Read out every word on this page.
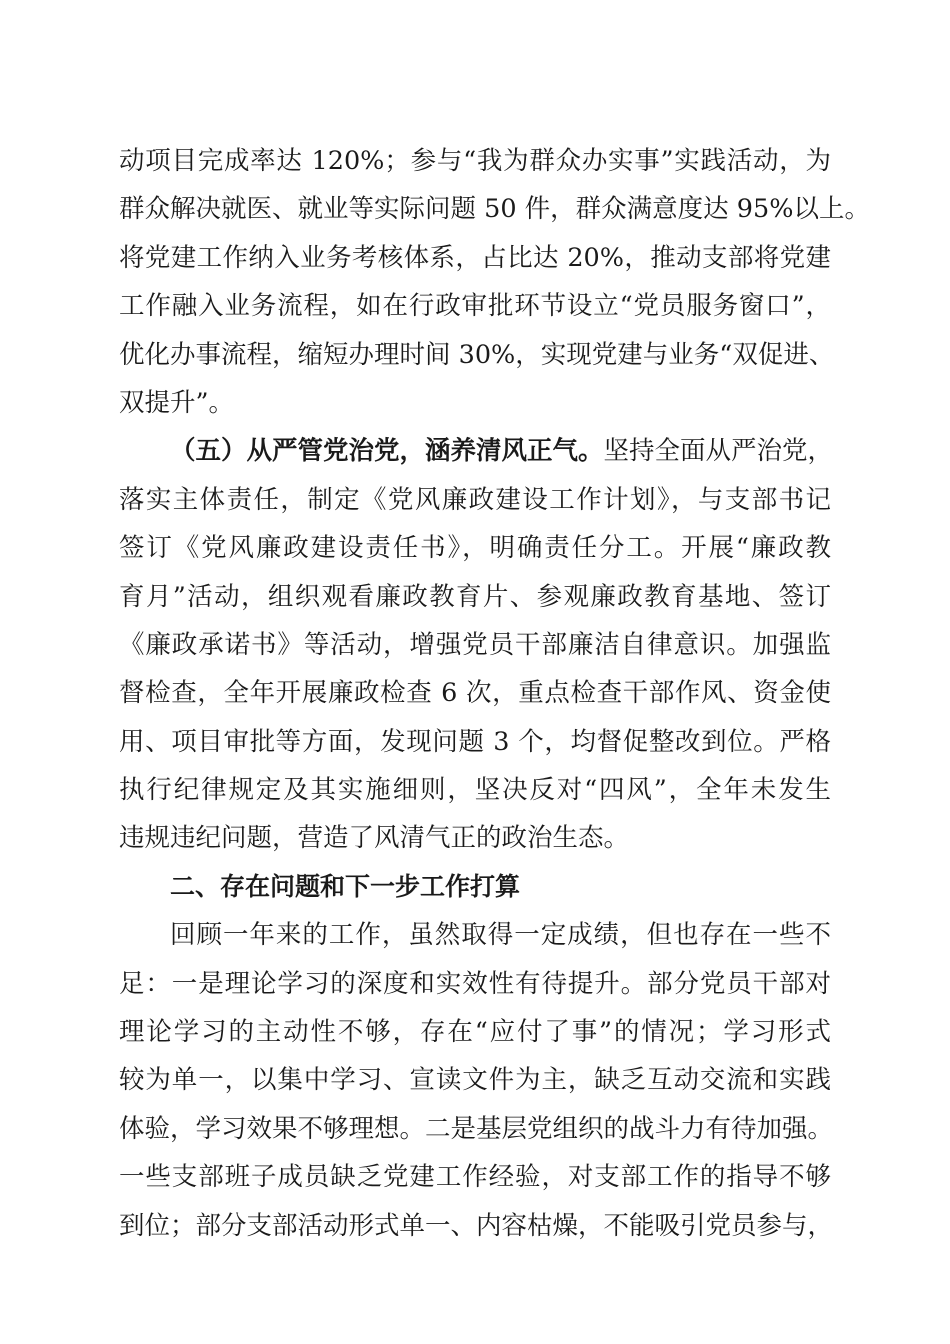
动项目完成率达 120%；参与“我为群众办实事”实践活动，为
群众解决就医、就业等实际问题 50 件，群众满意度达 95%以上。
将党建工作纳入业务考核体系，占比达 20%，推动支部将党建
工作融入业务流程，如在行政审批环节设立“党员服务窗口”，
优化办事流程，缩短办理时间 30%，实现党建与业务“双促进、
双提升”。
（五）从严管党治党，涵养清风正气。 坚持全面从严治党，
落实主体责任，制定《党风廉政建设工作计划》，与支部书记
签订《党风廉政建设责任书》，明确责任分工。开展“廉政教
育月”活动，组织观看廉政教育片、参观廉政教育基地、签订
《廉政承诺书》等活动，增强党员干部廉洁自律意识。加强监
督检查，全年开展廉政检查 6 次，重点检查干部作风、资金使
用、项目审批等方面，发现问题 3 个，均督促整改到位。严格
执行纪律规定及其实施细则，坚决反对“四风”，全年未发生
违规违纪问题，营造了风清气正的政治生态。
二、存在问题和下一步工作打算
回顾一年来的工作，虽然取得一定成绩，但也存在一些不
足：一是理论学习的深度和实效性有待提升。部分党员干部对
理论学习的主动性不够，存在“应付了事”的情况；学习形式
较为单一，以集中学习、宣读文件为主，缺乏互动交流和实践
体验，学习效果不够理想。二是基层党组织的战斗力有待加强。
一些支部班子成员缺乏党建工作经验，对支部工作的指导不够
到位；部分支部活动形式单一、内容枯燥，不能吸引党员参与，
